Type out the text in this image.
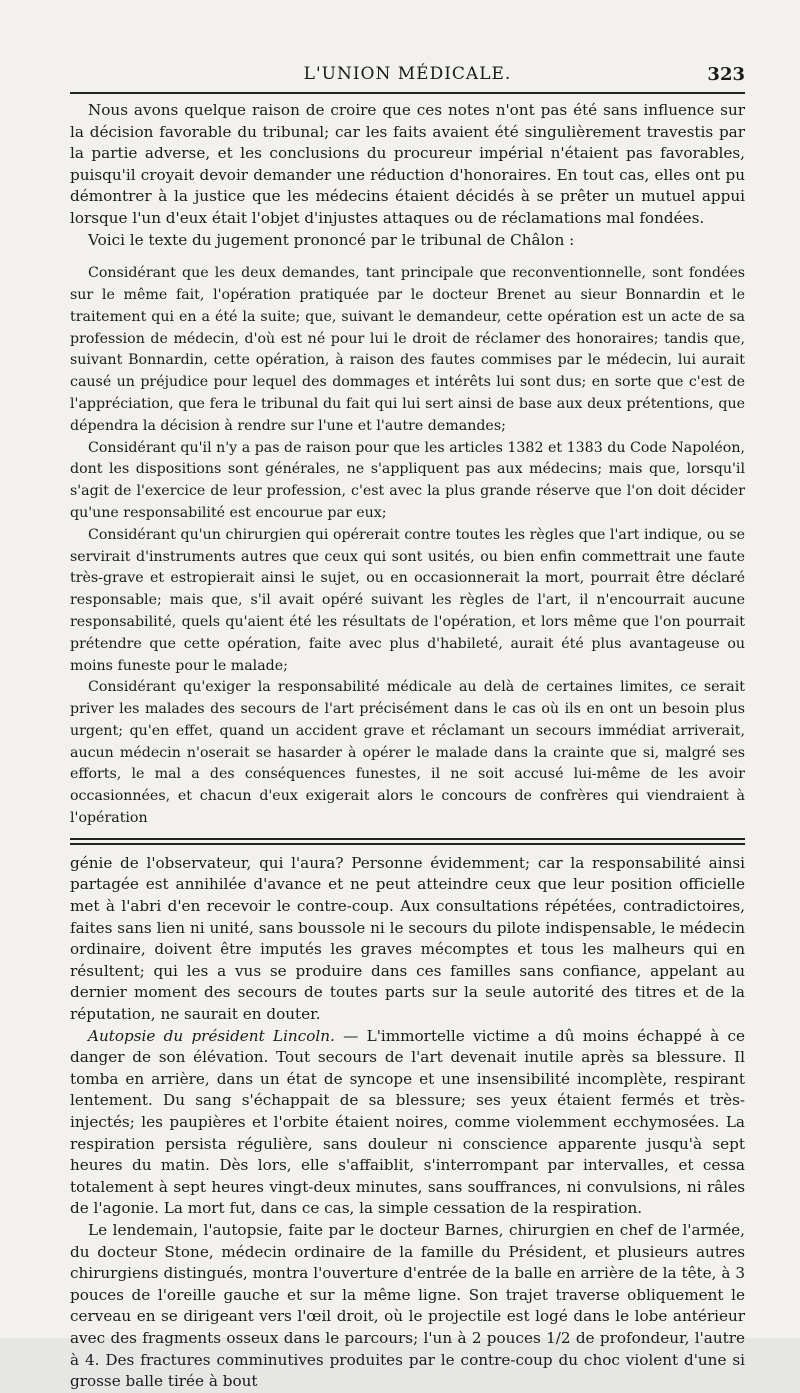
L'UNION MÉDICALE.	323

Nous avons quelque raison de croire que ces notes n'ont pas été sans influence sur la décision favorable du tribunal; car les faits avaient été singulièrement travestis par la partie adverse, et les conclusions du procureur impérial n'étaient pas favorables, puisqu'il croyait devoir demander une réduction d'honoraires. En tout cas, elles ont pu démontrer à la justice que les médecins étaient décidés à se prêter un mutuel appui lorsque l'un d'eux était l'objet d'injustes attaques ou de réclamations mal fondées.

Voici le texte du jugement prononcé par le tribunal de Châlon :

Considérant que les deux demandes, tant principale que reconventionnelle, sont fondées sur le même fait, l'opération pratiquée par le docteur Brenet au sieur Bonnardin et le traitement qui en a été la suite; que, suivant le demandeur, cette opération est un acte de sa profession de médecin, d'où est né pour lui le droit de réclamer des honoraires; tandis que, suivant Bonnardin, cette opération, à raison des fautes commises par le médecin, lui aurait causé un préjudice pour lequel des dommages et intérêts lui sont dus; en sorte que c'est de l'appréciation, que fera le tribunal du fait qui lui sert ainsi de base aux deux prétentions, que dépendra la décision à rendre sur l'une et l'autre demandes;

Considérant qu'il n'y a pas de raison pour que les articles 1382 et 1383 du Code Napoléon, dont les dispositions sont générales, ne s'appliquent pas aux médecins; mais que, lorsqu'il s'agit de l'exercice de leur profession, c'est avec la plus grande réserve que l'on doit décider qu'une responsabilité est encourue par eux;

Considérant qu'un chirurgien qui opérerait contre toutes les règles que l'art indique, ou se servirait d'instruments autres que ceux qui sont usités, ou bien enfin commettrait une faute très-grave et estropierait ainsi le sujet, ou en occasionnerait la mort, pourrait être déclaré responsable; mais que, s'il avait opéré suivant les règles de l'art, il n'encourrait aucune responsabilité, quels qu'aient été les résultats de l'opération, et lors même que l'on pourrait prétendre que cette opération, faite avec plus d'habileté, aurait été plus avantageuse ou moins funeste pour le malade;

Considérant qu'exiger la responsabilité médicale au delà de certaines limites, ce serait priver les malades des secours de l'art précisément dans le cas où ils en ont un besoin plus urgent; qu'en effet, quand un accident grave et réclamant un secours immédiat arriverait, aucun médecin n'oserait se hasarder à opérer le malade dans la crainte que si, malgré ses efforts, le mal a des conséquences funestes, il ne soit accusé lui-même de les avoir occasionnées, et chacun d'eux exigerait alors le concours de confrères qui viendraient à l'opération

génie de l'observateur, qui l'aura? Personne évidemment; car la responsabilité ainsi partagée est annihilée d'avance et ne peut atteindre ceux que leur position officielle met à l'abri d'en recevoir le contre-coup. Aux consultations répétées, contradictoires, faites sans lien ni unité, sans boussole ni le secours du pilote indispensable, le médecin ordinaire, doivent être imputés les graves mécomptes et tous les malheurs qui en résultent; qui les a vus se produire dans ces familles sans confiance, appelant au dernier moment des secours de toutes parts sur la seule autorité des titres et de la réputation, ne saurait en douter.

Autopsie du président Lincoln. — L'immortelle victime a dû moins échappé à ce danger de son élévation. Tout secours de l'art devenait inutile après sa blessure. Il tomba en arrière, dans un état de syncope et une insensibilité incomplète, respirant lentement. Du sang s'échappait de sa blessure; ses yeux étaient fermés et très-injectés; les paupières et l'orbite étaient noires, comme violemment ecchymosées. La respiration persista régulière, sans douleur ni conscience apparente jusqu'à sept heures du matin. Dès lors, elle s'affaiblit, s'interrompant par intervalles, et cessa totalement à sept heures vingt-deux minutes, sans souffrances, ni convulsions, ni râles de l'agonie. La mort fut, dans ce cas, la simple cessation de la respiration.

Le lendemain, l'autopsie, faite par le docteur Barnes, chirurgien en chef de l'armée, du docteur Stone, médecin ordinaire de la famille du Président, et plusieurs autres chirurgiens distingués, montra l'ouverture d'entrée de la balle en arrière de la tête, à 3 pouces de l'oreille gauche et sur la même ligne. Son trajet traverse obliquement le cerveau en se dirigeant vers l'œil droit, où le projectile est logé dans le lobe antérieur avec des fragments osseux dans le parcours; l'un à 2 pouces 1/2 de profondeur, l'autre à 4. Des fractures comminutives produites par le contre-coup du choc violent d'une si grosse balle tirée à bout
